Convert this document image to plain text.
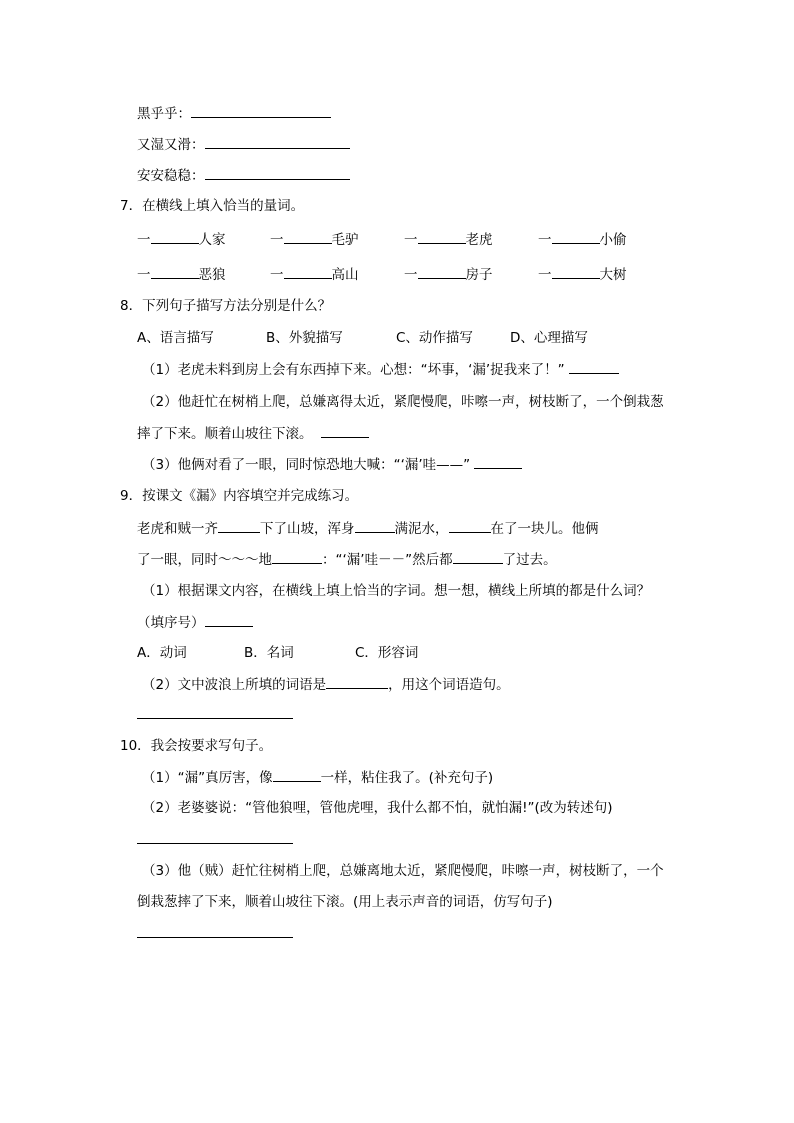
黑乎乎：
又湿又滑：
安安稳稳：
7．在横线上填入恰当的量词。
一	人家	一	毛驴	一	老虎	一	小偷
一	恶狼	一	高山	一	房子	一	大树
8．下列句子描写方法分别是什么？
A、语言描写	B、外貌描写	C、动作描写	D、心理描写
（1）老虎未料到房上会有东西掉下来。心想：“坏事，‘漏’捉我来了！”
（2）他赶忙在树梢上爬，总嫌离得太近，紧爬慢爬，咔嚓一声，树枝断了，一个倒栽葱
摔了下来。顺着山坡往下滚。
（3）他俩对看了一眼，同时惊恐地大喊：“‘漏’哇——”
9．按课文《漏》内容填空并完成练习。
老虎和贼一齐	下了山坡，浑身	满泥水，	在了一块儿。他俩
了一眼，同时～～～地	：“‘漏’哇－－”然后都	了过去。
（1）根据课文内容，在横线上填上恰当的字词。想一想，横线上所填的都是什么词？
（填序号）
A．动词	B．名词	C．形容词
（2）文中波浪上所填的词语是	，用这个词语造句。
10．我会按要求写句子。
（1）“漏”真厉害，像	一样，粘住我了。(补充句子)
（2）老婆婆说：“管他狼哩，管他虎哩，我什么都不怕，就怕漏!”(改为转述句)
（3）他（贼）赶忙往树梢上爬，总嫌离地太近，紧爬慢爬，咔嚓一声，树枝断了，一个
倒栽葱摔了下来，顺着山坡往下滚。(用上表示声音的词语，仿写句子)
